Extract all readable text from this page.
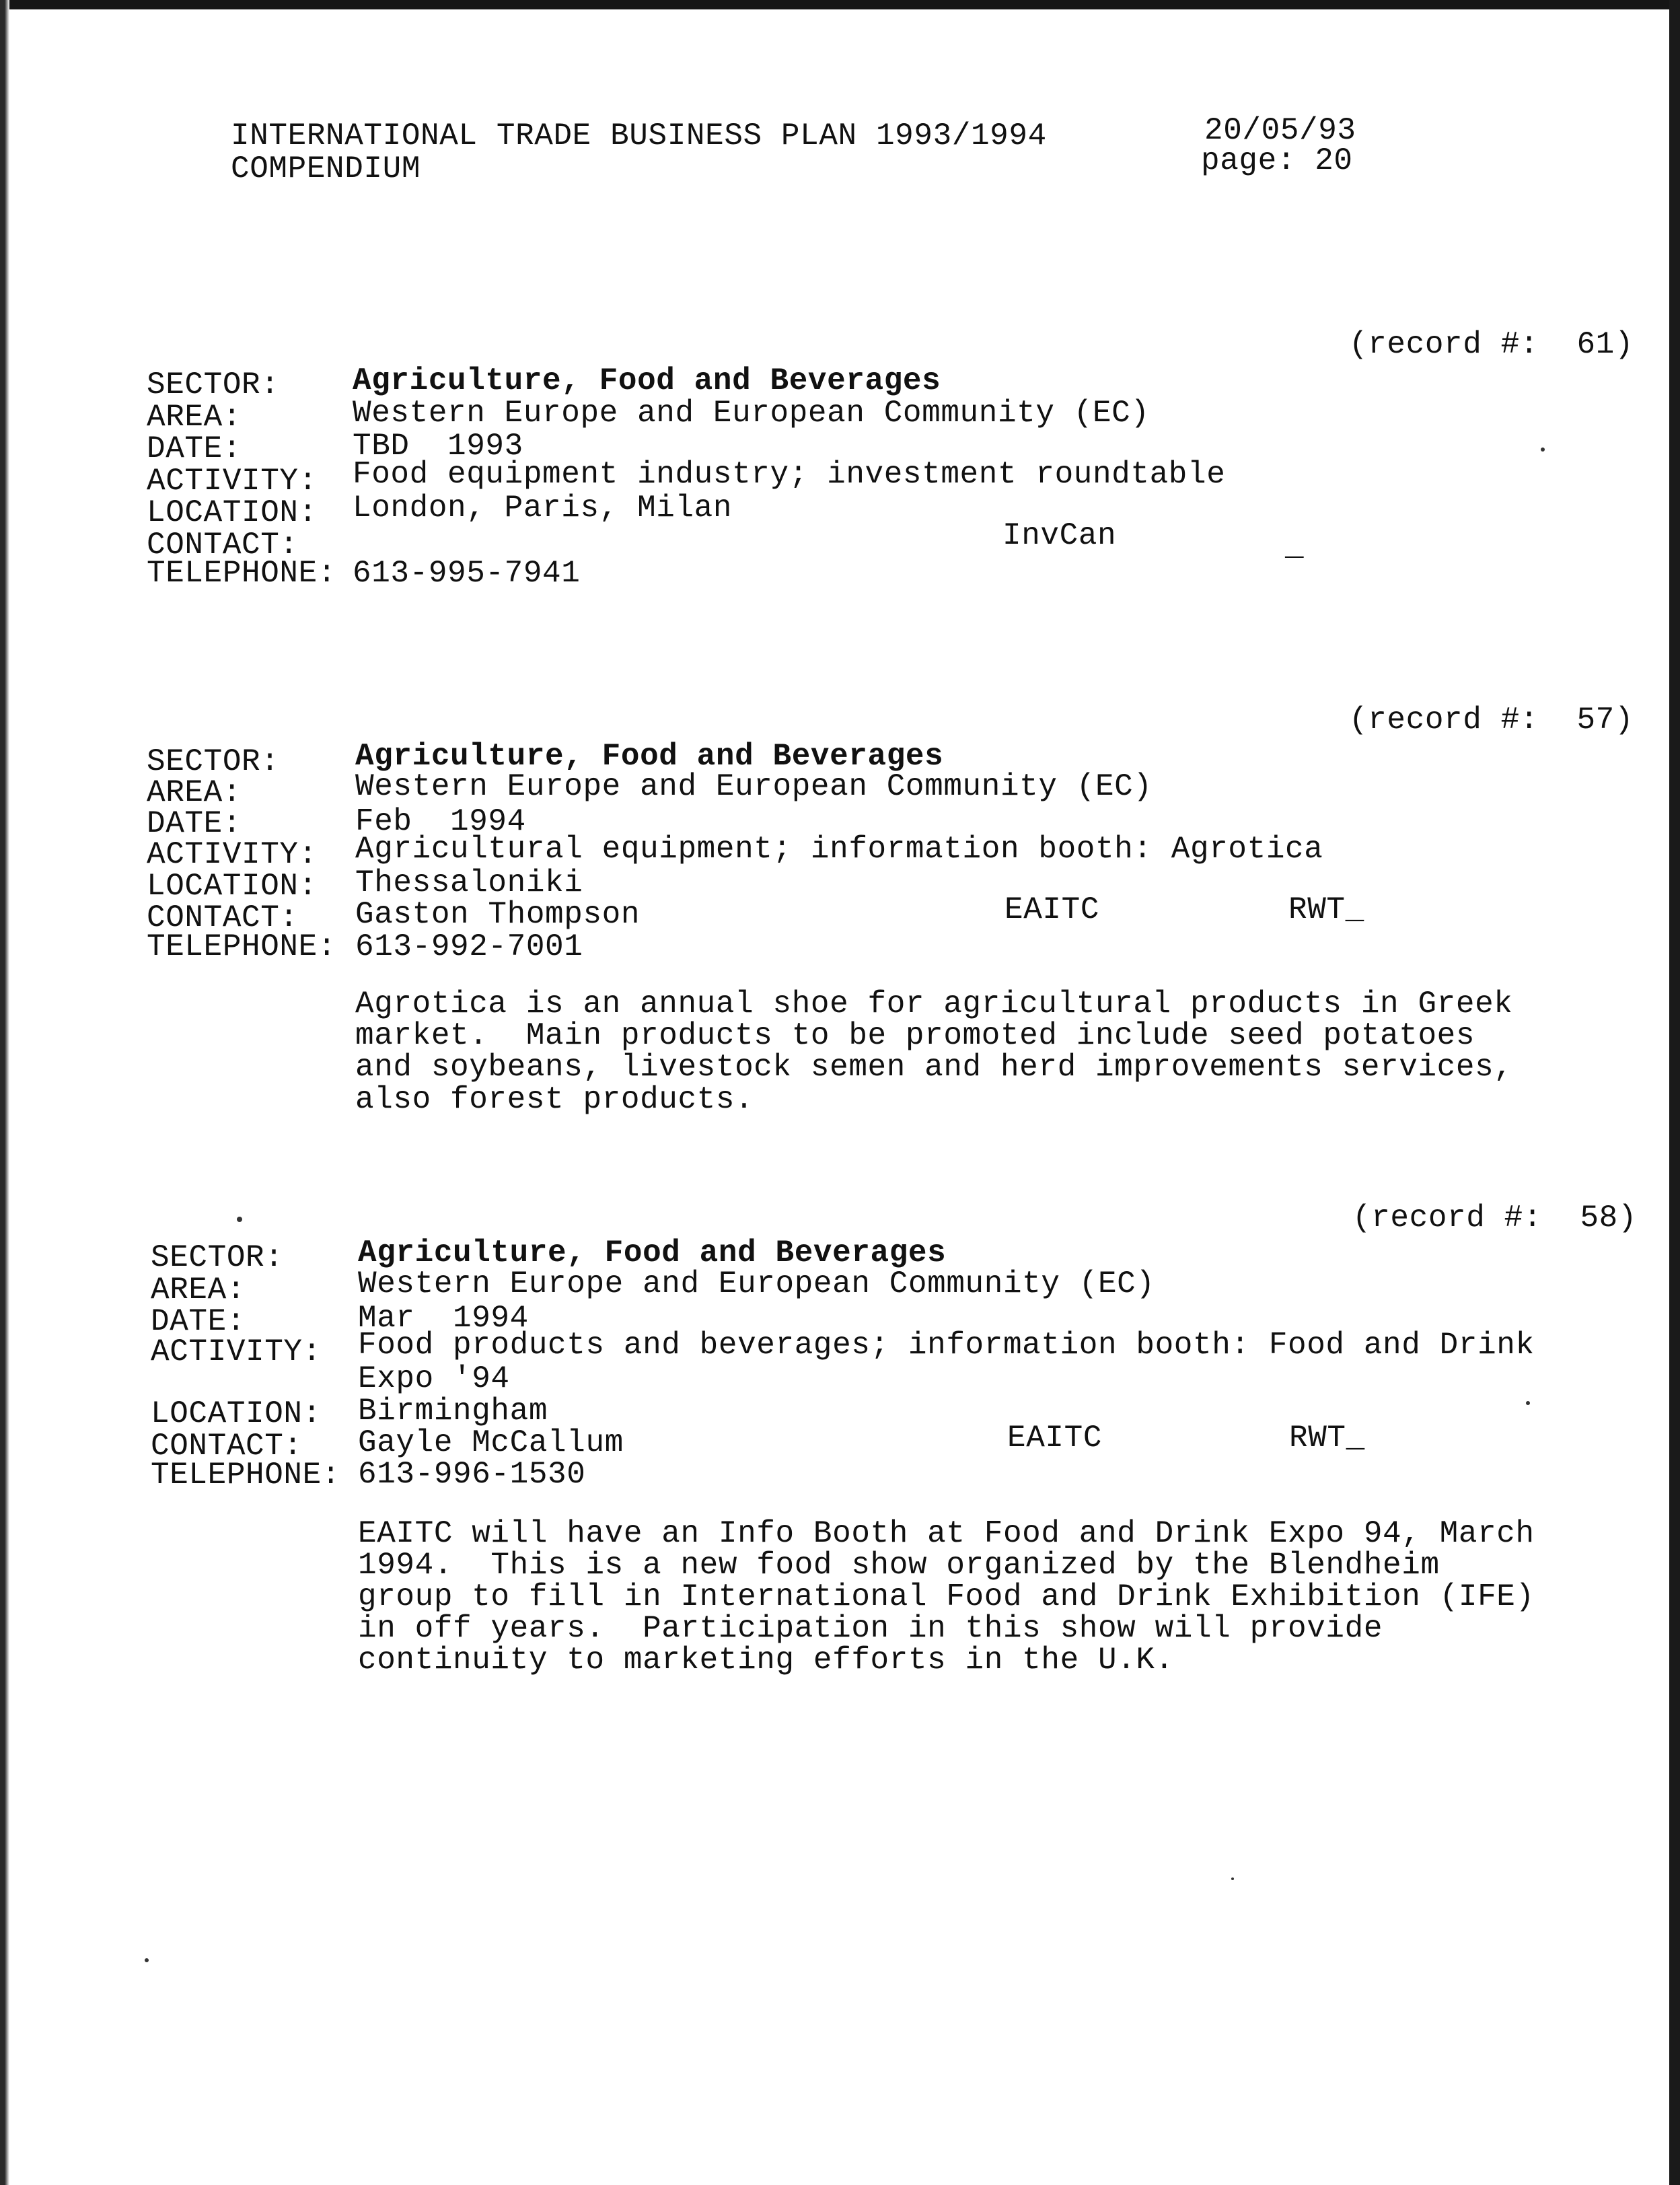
INTERNATIONAL TRADE BUSINESS PLAN 1993/1994
COMPENDIUM
20/05/93
page: 20
(record #:  61)
SECTOR: Agriculture, Food and Beverages
AREA:	Western Europe and European Community (EC)
DATE:	TBD  1993
ACTIVITY: Food equipment industry; investment roundtable
LOCATION: London, Paris, Milan
CONTACT:	InvCan	_
TELEPHONE: 613-995-7941
(record #:  57)
SECTOR: Agriculture, Food and Beverages
AREA:	Western Europe and European Community (EC)
DATE:	Feb  1994
ACTIVITY: Agricultural equipment; information booth: Agrotica
LOCATION: Thessaloniki
CONTACT: Gaston Thompson	EAITC	RWT_
TELEPHONE: 613-992-7001
Agrotica is an annual shoe for agricultural products in Greek
market.  Main products to be promoted include seed potatoes
and soybeans, livestock semen and herd improvements services,
also forest products.
(record #:  58)
SECTOR: Agriculture, Food and Beverages
AREA:	Western Europe and European Community (EC)
DATE:	Mar  1994
ACTIVITY: Food products and beverages; information booth: Food and Drink
Expo '94
LOCATION: Birmingham
CONTACT: Gayle McCallum	EAITC	RWT_
TELEPHONE: 613-996-1530
EAITC will have an Info Booth at Food and Drink Expo 94, March
1994.  This is a new food show organized by the Blendheim
group to fill in International Food and Drink Exhibition (IFE)
in off years.  Participation in this show will provide
continuity to marketing efforts in the U.K.
